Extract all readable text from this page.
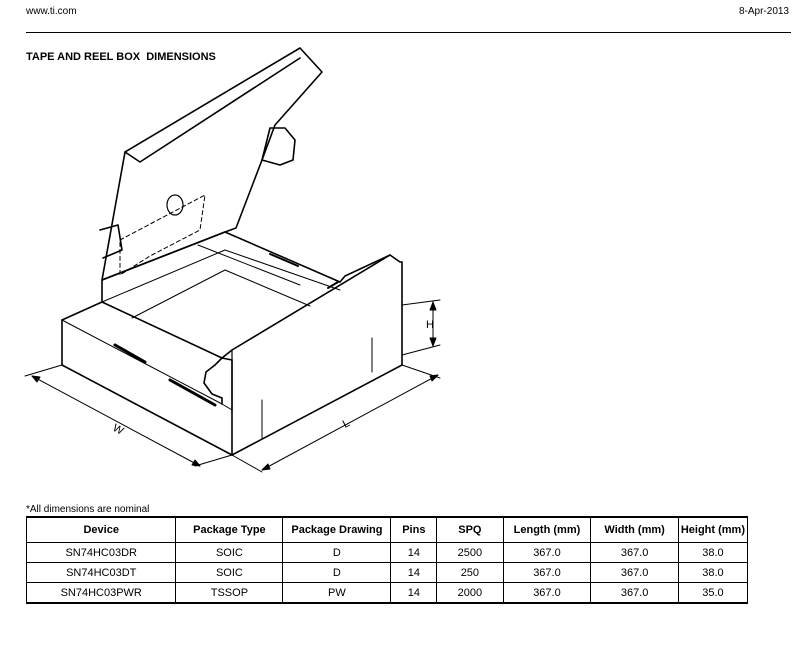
www.ti.com	8-Apr-2013
TAPE AND REEL BOX  DIMENSIONS
W	L
H
*All dimensions are nominal
Device	Package Type	Package Drawing	Pins	SPQ	Length (mm)	Width (mm)	Height (mm)
SN74HC03DR	SOIC	D	14	2500	367.0	367.0	38.0
SN74HC03DT	SOIC	D	14	250	367.0	367.0	38.0
SN74HC03PWR	TSSOP	PW	14	2000	367.0	367.0	35.0
